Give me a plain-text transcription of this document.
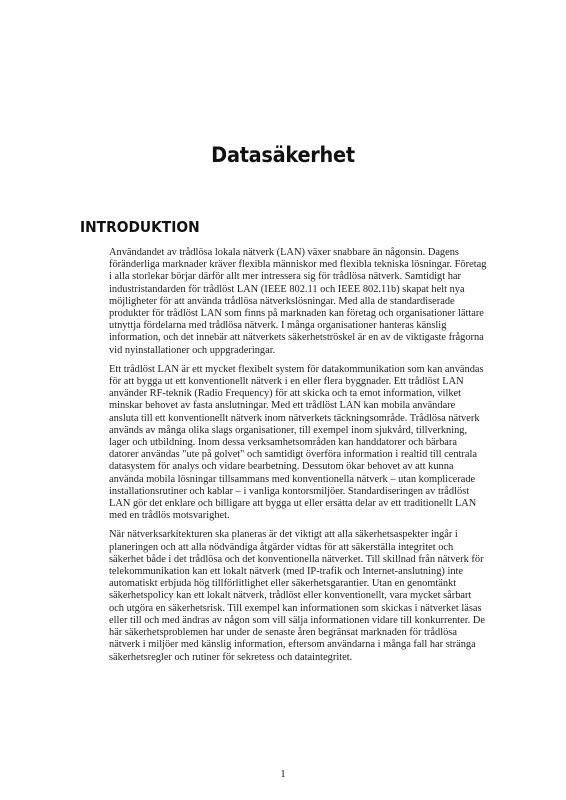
Datasäkerhet
INTRODUKTION

Användandet av trådlösa lokala nätverk (LAN) växer snabbare än någonsin. Dagens föränderliga marknader kräver flexibla människor med flexibla tekniska lösningar. Företag i alla storlekar börjar därför allt mer intressera sig för trådlösa nätverk. Samtidigt har industristandarden för trådlöst LAN (IEEE 802.11 och IEEE 802.11b) skapat helt nya möjligheter för att använda trådlösa nätverkslösningar. Med alla de standardiserade produkter för trådlöst LAN som finns på marknaden kan företag och organisationer lättare utnyttja fördelarna med trådlösa nätverk. I många organisationer hanteras känslig information, och det innebär att nätverkets säkerhetströskel är en av de viktigaste frågorna vid nyinstallationer och uppgraderingar.

Ett trådlöst LAN är ett mycket flexibelt system för datakommunikation som kan användas för att bygga ut ett konventionellt nätverk i en eller flera byggnader. Ett trådlöst LAN använder RF-teknik (Radio Frequency) för att skicka och ta emot information, vilket minskar behovet av fasta anslutningar. Med ett trådlöst LAN kan mobila användare ansluta till ett konventionellt nätverk inom nätverkets täckningsområde. Trådlösa nätverk används av många olika slags organisationer, till exempel inom sjukvård, tillverkning, lager och utbildning. Inom dessa verksamhetsområden kan handdatorer och bärbara datorer användas "ute på golvet" och samtidigt överföra information i realtid till centrala datasystem för analys och vidare bearbetning. Dessutom ökar behovet av att kunna använda mobila lösningar tillsammans med konventionella nätverk – utan komplicerade installationsrutiner och kablar – i vanliga kontorsmiljöer. Standardiseringen av trådlöst LAN gör det enklare och billigare att bygga ut eller ersätta delar av ett traditionellt LAN med en trådlös motsvarighet.

När nätverksarkitekturen ska planeras är det viktigt att alla säkerhetsaspekter ingår i planeringen och att alla nödvändiga åtgärder vidtas för att säkerställa integritet och säkerhet både i det trådlösa och det konventionella nätverket. Till skillnad från nätverk för telekommunikation kan ett lokalt nätverk (med IP-trafik och Internet-anslutning) inte automatiskt erbjuda hög tillförlitlighet eller säkerhetsgarantier. Utan en genomtänkt säkerhetspolicy kan ett lokalt nätverk, trådlöst eller konventionellt, vara mycket sårbart och utgöra en säkerhetsrisk. Till exempel kan informationen som skickas i nätverket läsas eller till och med ändras av någon som vill sälja informationen vidare till konkurrenter. De här säkerhetsproblemen har under de senaste åren begränsat marknaden för trådlösa nätverk i miljöer med känslig information, eftersom användarna i många fall har stränga säkerhetsregler och rutiner för sekretess och dataintegritet.

1
